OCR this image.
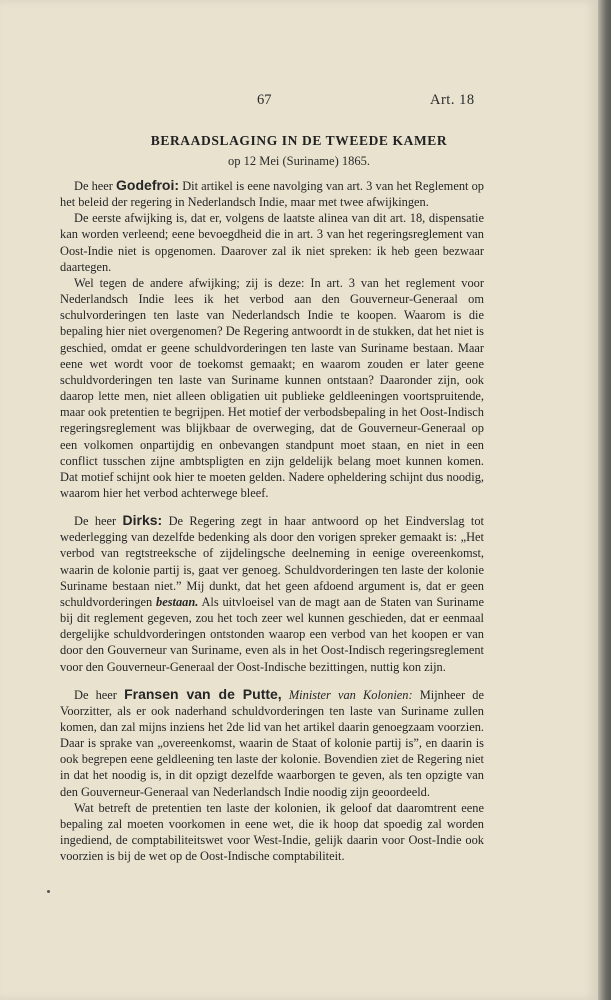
67	Art. 18
BERAADSLAGING IN DE TWEEDE KAMER
op 12 Mei (Suriname) 1865.

De heer Godefroi: Dit artikel is eene navolging van art. 3 van het Reglement op het beleid der regering in Nederlandsch Indie, maar met twee afwijkingen.

De eerste afwijking is, dat er, volgens de laatste alinea van dit art. 18, dispensatie kan worden verleend; eene bevoegdheid die in art. 3 van het regeringsreglement van Oost-Indie niet is opgenomen. Daarover zal ik niet spreken: ik heb geen bezwaar daartegen.

Wel tegen de andere afwijking; zij is deze: In art. 3 van het reglement voor Nederlandsch Indie lees ik het verbod aan den Gouverneur-Generaal om schulvorderingen ten laste van Nederlandsch Indie te koopen. Waarom is die bepaling hier niet overgenomen? De Regering antwoordt in de stukken, dat het niet is geschied, omdat er geene schuldvorderingen ten laste van Suriname bestaan. Maar eene wet wordt voor de toekomst gemaakt; en waarom zouden er later geene schuldvorderingen ten laste van Suriname kunnen ontstaan? Daaronder zijn, ook daarop lette men, niet alleen obligatien uit publieke geldleeningen voortspruitende, maar ook pretentien te begrijpen. Het motief der verbodsbepaling in het Oost-Indisch regeringsreglement was blijkbaar de overweging, dat de Gouverneur-Generaal op een volkomen onpartijdig en onbevangen standpunt moet staan, en niet in een conflict tusschen zijne ambtspligten en zijn geldelijk belang moet kunnen komen. Dat motief schijnt ook hier te moeten gelden. Nadere opheldering schijnt dus noodig, waarom hier het verbod achterwege bleef.

De heer Dirks: De Regering zegt in haar antwoord op het Eindverslag tot wederlegging van dezelfde bedenking als door den vorigen spreker gemaakt is: „Het verbod van regtstreeksche of zijdelingsche deelneming in eenige overeenkomst, waarin de kolonie partij is, gaat ver genoeg. Schuldvorderingen ten laste der kolonie Suriname bestaan niet.” Mij dunkt, dat het geen afdoend argument is, dat er geen schuldvorderingen bestaan. Als uitvloeisel van de magt aan de Staten van Suriname bij dit reglement gegeven, zou het toch zeer wel kunnen geschieden, dat er eenmaal dergelijke schuldvorderingen ontstonden waarop een verbod van het koopen er van door den Gouverneur van Suriname, even als in het Oost-Indisch regeringsreglement voor den Gouverneur-Generaal der Oost-Indische bezittingen, nuttig kon zijn.

De heer Fransen van de Putte, Minister van Kolonien: Mijnheer de Voorzitter, als er ook naderhand schuldvorderingen ten laste van Suriname zullen komen, dan zal mijns inziens het 2de lid van het artikel daarin genoegzaam voorzien. Daar is sprake van „overeenkomst, waarin de Staat of kolonie partij is”, en daarin is ook begrepen eene geldleening ten laste der kolonie. Bovendien ziet de Regering niet in dat het noodig is, in dit opzigt dezelfde waarborgen te geven, als ten opzigte van den Gouverneur-Generaal van Nederlandsch Indie noodig zijn geoordeeld.

Wat betreft de pretentien ten laste der kolonien, ik geloof dat daaromtrent eene bepaling zal moeten voorkomen in eene wet, die ik hoop dat spoedig zal worden ingediend, de comptabiliteitswet voor West-Indie, gelijk daarin voor Oost-Indie ook voorzien is bij de wet op de Oost-Indische comptabiliteit.
